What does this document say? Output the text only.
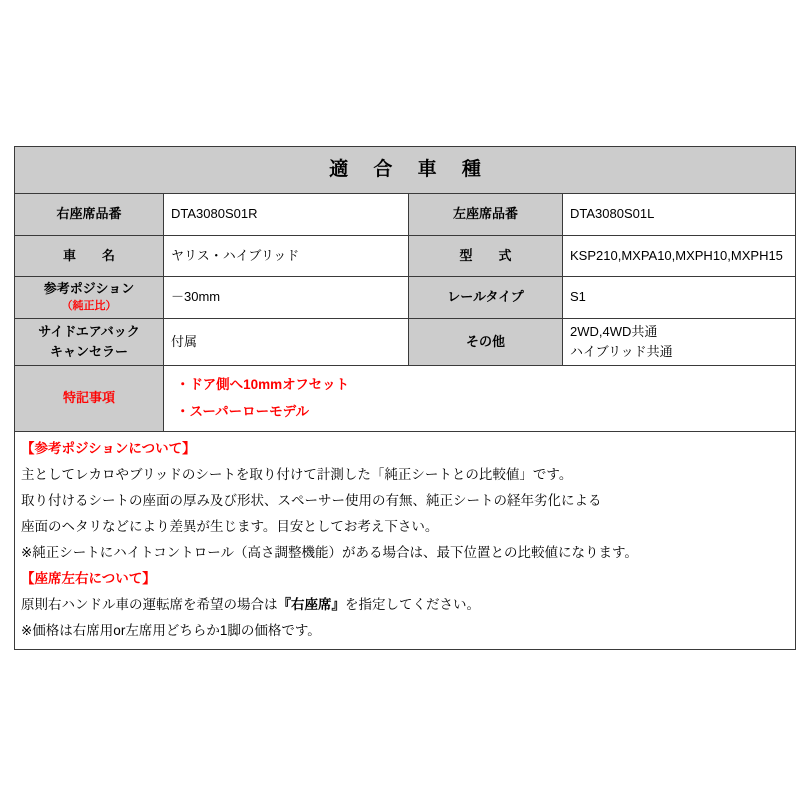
適 合 車 種			

右座席品番	DTA3080S01R	左座席品番	DTA3080S01L

車　　名	ヤリス・ハイブリッド	型　　式	KSP210,MXPA10,MXPH10,MXPH15

参考ポジション
（純正比）	－30mm	レールタイプ	S1

サイドエアバック
キャンセラー	付属	その他	2WD,4WD共通
ハイブリッド共通

特記事項	・ドア側へ10mmオフセット
・スーパーローモデル		

【参考ポジションについて】
主としてレカロやブリッドのシートを取り付けて計測した「純正シートとの比較値」です。
取り付けるシートの座面の厚み及び形状、スペーサー使用の有無、純正シートの経年劣化による
座面のヘタリなどにより差異が生じます。目安としてお考え下さい。
※純正シートにハイトコントロール（高さ調整機能）がある場合は、最下位置との比較値になります。
【座席左右について】
原則右ハンドル車の運転席を希望の場合は『右座席』を指定してください。
※価格は右席用or左席用どちらか1脚の価格です。
